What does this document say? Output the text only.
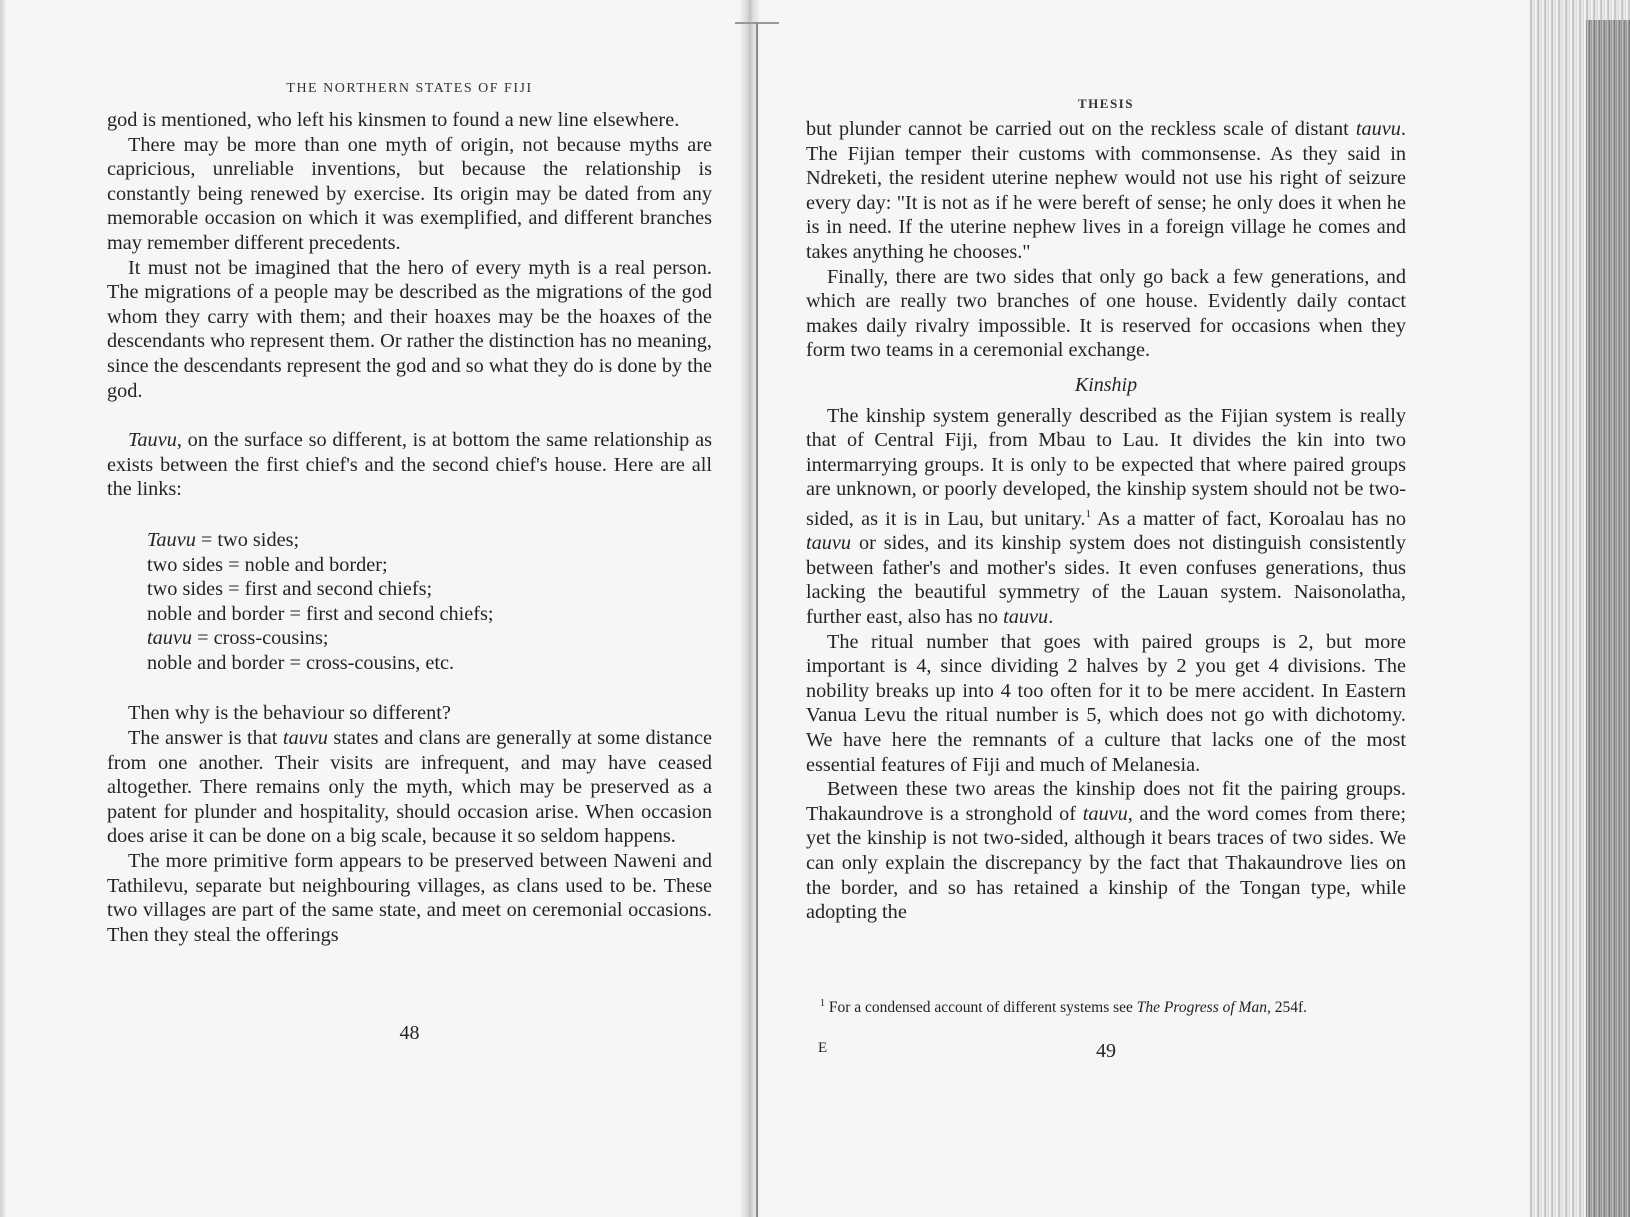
THE NORTHERN STATES OF FIJI

god is mentioned, who left his kinsmen to found a new line elsewhere.

There may be more than one myth of origin, not because myths are capricious, unreliable inventions, but because the relationship is constantly being renewed by exercise. Its origin may be dated from any memorable occasion on which it was exemplified, and different branches may remember different precedents.

It must not be imagined that the hero of every myth is a real person. The migrations of a people may be described as the migrations of the god whom they carry with them; and their hoaxes may be the hoaxes of the descendants who represent them. Or rather the distinction has no meaning, since the descendants represent the god and so what they do is done by the god.

Tauvu, on the surface so different, is at bottom the same relationship as exists between the first chief's and the second chief's house. Here are all the links:

Tauvu = two sides;
two sides = noble and border;
two sides = first and second chiefs;
noble and border = first and second chiefs;
tauvu = cross-cousins;
noble and border = cross-cousins, etc.

Then why is the behaviour so different?

The answer is that tauvu states and clans are generally at some distance from one another. Their visits are infrequent, and may have ceased altogether. There remains only the myth, which may be preserved as a patent for plunder and hospitality, should occasion arise. When occasion does arise it can be done on a big scale, because it so seldom happens.

The more primitive form appears to be preserved between Naweni and Tathilevu, separate but neighbouring villages, as clans used to be. These two villages are part of the same state, and meet on ceremonial occasions. Then they steal the offerings

48
THESIS

but plunder cannot be carried out on the reckless scale of distant tauvu. The Fijian temper their customs with commonsense. As they said in Ndreketi, the resident uterine nephew would not use his right of seizure every day: "It is not as if he were bereft of sense; he only does it when he is in need. If the uterine nephew lives in a foreign village he comes and takes anything he chooses."

Finally, there are two sides that only go back a few generations, and which are really two branches of one house. Evidently daily contact makes daily rivalry impossible. It is reserved for occasions when they form two teams in a ceremonial exchange.

Kinship

The kinship system generally described as the Fijian system is really that of Central Fiji, from Mbau to Lau. It divides the kin into two intermarrying groups. It is only to be expected that where paired groups are unknown, or poorly developed, the kinship system should not be two-sided, as it is in Lau, but unitary.$^1$ As a matter of fact, Koroalau has no tauvu or sides, and its kinship system does not distinguish consistently between father's and mother's sides. It even confuses generations, thus lacking the beautiful symmetry of the Lauan system. Naisonolatha, further east, also has no tauvu.

The ritual number that goes with paired groups is 2, but more important is 4, since dividing 2 halves by 2 you get 4 divisions. The nobility breaks up into 4 too often for it to be mere accident. In Eastern Vanua Levu the ritual number is 5, which does not go with dichotomy. We have here the remnants of a culture that lacks one of the most essential features of Fiji and much of Melanesia.

Between these two areas the kinship does not fit the pairing groups. Thakaundrove is a stronghold of tauvu, and the word comes from there; yet the kinship is not two-sided, although it bears traces of two sides. We can only explain the discrepancy by the fact that Thakaundrove lies on the border, and so has retained a kinship of the Tongan type, while adopting the

$^1$ For a condensed account of different systems see The Progress of Man, 254f.

E	49
